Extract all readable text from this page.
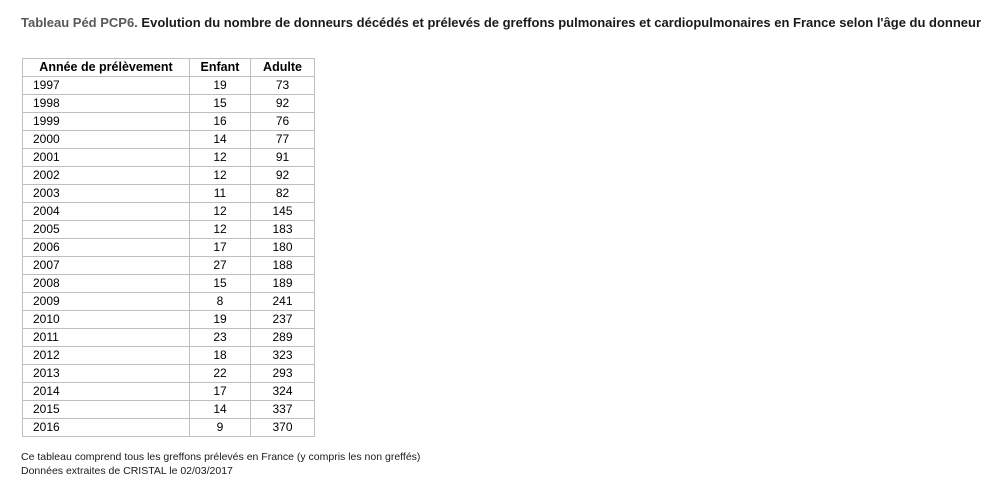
Tableau Péd PCP6. Evolution du nombre de donneurs décédés et prélevés de greffons pulmonaires et cardiopulmonaires en France selon l'âge du donneur
Année de prélèvement	Enfant	Adulte
1997	19	73
1998	15	92
1999	16	76
2000	14	77
2001	12	91
2002	12	92
2003	11	82
2004	12	145
2005	12	183
2006	17	180
2007	27	188
2008	15	189
2009	8	241
2010	19	237
2011	23	289
2012	18	323
2013	22	293
2014	17	324
2015	14	337
2016	9	370
Ce tableau comprend tous les greffons prélevés en France (y compris les non greffés)
Données extraites de CRISTAL le 02/03/2017
